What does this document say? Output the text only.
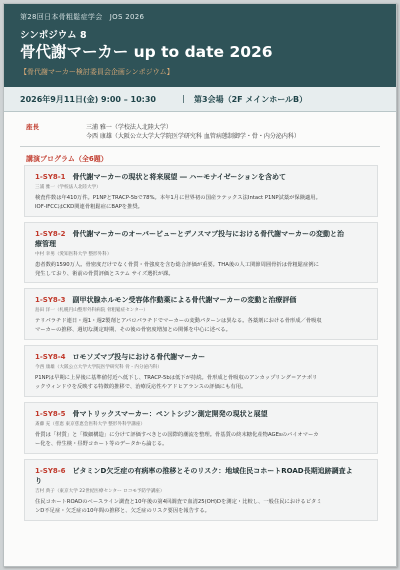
第28回日本骨粗鬆症学会　JOS 2026
シンポジウム 8
骨代謝マーカー up to date 2026
【骨代謝マーカー検討委員会企画シンポジウム】
2026年9月11日(金) 9:00 – 10:30	| 第3会場（2F メインホールB）
座長	三浦 雅一（学校法人北陸大学）
今西 康雄（大阪公立大学大学院医学研究科 血管病態制御学・骨・内分泌内科）
講演プログラム（全6題）
1-SY8-1　 骨代謝マーカーの現状と将来展望 ― ハーモナイゼーションを含めて
三浦 雅一（学校法人北陸大学）
検査件数は年410万件。P1NPとTRACP-5bで78%。本年1月に世界初の国産ラテックス法Intact P1NP試薬が保険適用。
IOF-IFCCはCKD関連骨粗鬆症にBAPを推奨。
1-SY8-2　 骨代謝マーカーのオーバービューとデノスマブ投与における骨代謝マーカーの変動と治
療管理
中村 幸男（愛知医科大学 整形外科）
患者数約1590万人。骨密度だけでなく骨質・骨強度を含む総合評価が重要。THA後の人工関節周囲骨折は骨粗鬆症例に
発生しており、術前の骨質評価とステム サイズ選択が課。
1-SY8-3　 副甲状腺ホルモン受容体作動薬による骨代謝マーカーの変動と治療評価
島田 洋一（札幌円山整形外科病院 骨粗鬆症センター）
テリパラチド連日・週1・週2製剤とアバロパラチドでマーカーの変動パターンは異なる。各薬剤における骨形成／骨吸収
マーカーの推移、週切な測定時期、その後の骨密度増加との関係を中心に述べる。
1-SY8-4　 ロモソズマブ投与における骨代謝マーカー
今西 康雄（大阪公立大学大学院医学研究科 骨・内分泌内科）
P1NPは早期に上昇後に基準値付近へ低下し、TRACP-5bは低下が持続。骨形成と骨吸収のアンカップリング＝アナボリ
ックウィンドウを反映する特徴的推移で、治療反応性やアドヒアランスの評価にも有用。
1-SY8-5　 骨マトリックスマーカー：ペントシジン測定開発の現状と展望
斎藤 充（慈恵 東京慈恵会医科大学 整形外科学講座）
骨質は「材質」と「微細構造」に分けて評価すべきとの国際的潮流を整理。骨基質の終末糖化産物AGEsのバイオマーカ
ー化を、骨生検・昼野コホート等のデータから論じる。
1-SY8-6　 ビタミンD欠乏症の有病率の推移とそのリスク：地域住民コホートROAD長期追跡調査よ
り
吉村 典子（東京大学 22世紀医療センター ロコモ予防学講座）
住民コホートROADのベースライン調査と10年後の第4回調査で血清25(OH)Dを測定・比較し、一般住民におけるビタミ
ンD不足症・欠乏症の10年間の推移と、欠乏症のリスク要因を報告する。
